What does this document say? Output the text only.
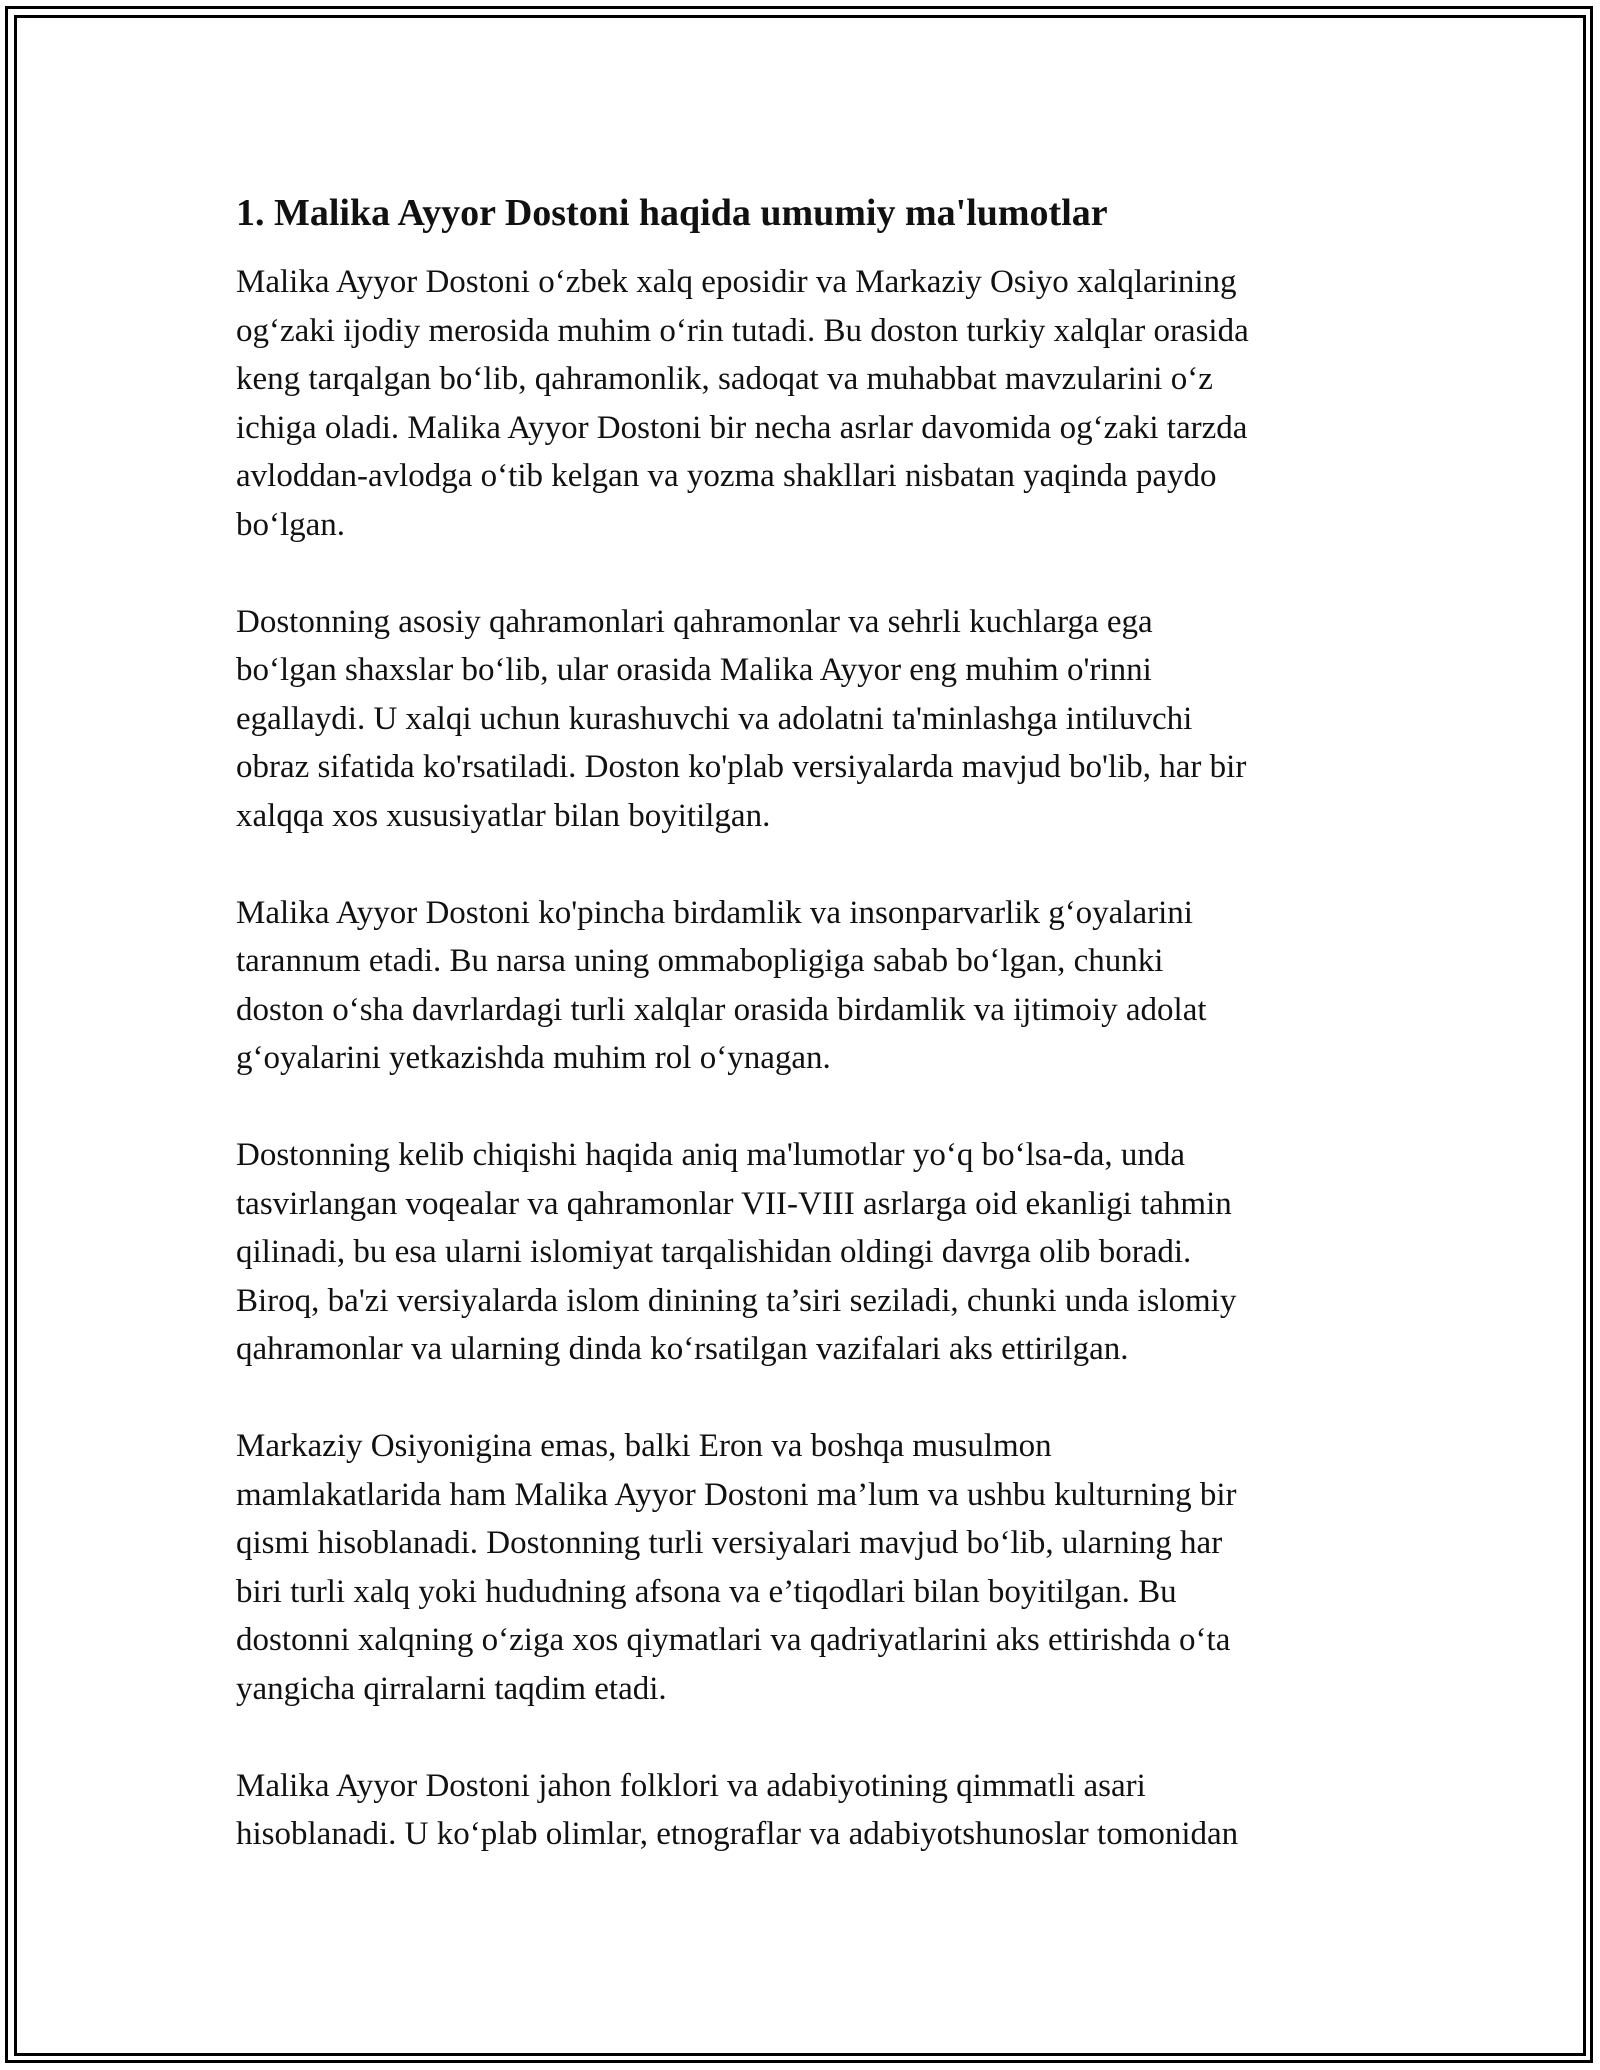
1. Malika Ayyor Dostoni haqida umumiy ma'lumotlar
Malika Ayyor Dostoni o‘zbek xalq eposidir va Markaziy Osiyo xalqlarining
og‘zaki ijodiy merosida muhim o‘rin tutadi. Bu doston turkiy xalqlar orasida
keng tarqalgan bo‘lib, qahramonlik, sadoqat va muhabbat mavzularini o‘z
ichiga oladi. Malika Ayyor Dostoni bir necha asrlar davomida og‘zaki tarzda
avloddan-avlodga o‘tib kelgan va yozma shakllari nisbatan yaqinda paydo
bo‘lgan.
Dostonning asosiy qahramonlari qahramonlar va sehrli kuchlarga ega
bo‘lgan shaxslar bo‘lib, ular orasida Malika Ayyor eng muhim o'rinni
egallaydi. U xalqi uchun kurashuvchi va adolatni ta'minlashga intiluvchi
obraz sifatida ko'rsatiladi. Doston ko'plab versiyalarda mavjud bo'lib, har bir
xalqqa xos xususiyatlar bilan boyitilgan.
Malika Ayyor Dostoni ko'pincha birdamlik va insonparvarlik g‘oyalarini
tarannum etadi. Bu narsa uning ommabopligiga sabab bo‘lgan, chunki
doston o‘sha davrlardagi turli xalqlar orasida birdamlik va ijtimoiy adolat
g‘oyalarini yetkazishda muhim rol o‘ynagan.
Dostonning kelib chiqishi haqida aniq ma'lumotlar yo‘q bo‘lsa-da, unda
tasvirlangan voqealar va qahramonlar VII-VIII asrlarga oid ekanligi tahmin
qilinadi, bu esa ularni islomiyat tarqalishidan oldingi davrga olib boradi.
Biroq, ba'zi versiyalarda islom dinining ta’siri seziladi, chunki unda islomiy
qahramonlar va ularning dinda ko‘rsatilgan vazifalari aks ettirilgan.
Markaziy Osiyonigina emas, balki Eron va boshqa musulmon
mamlakatlarida ham Malika Ayyor Dostoni ma’lum va ushbu kulturning bir
qismi hisoblanadi. Dostonning turli versiyalari mavjud bo‘lib, ularning har
biri turli xalq yoki hududning afsona va e’tiqodlari bilan boyitilgan. Bu
dostonni xalqning o‘ziga xos qiymatlari va qadriyatlarini aks ettirishda o‘ta
yangicha qirralarni taqdim etadi.
Malika Ayyor Dostoni jahon folklori va adabiyotining qimmatli asari
hisoblanadi. U ko‘plab olimlar, etnograflar va adabiyotshunoslar tomonidan
